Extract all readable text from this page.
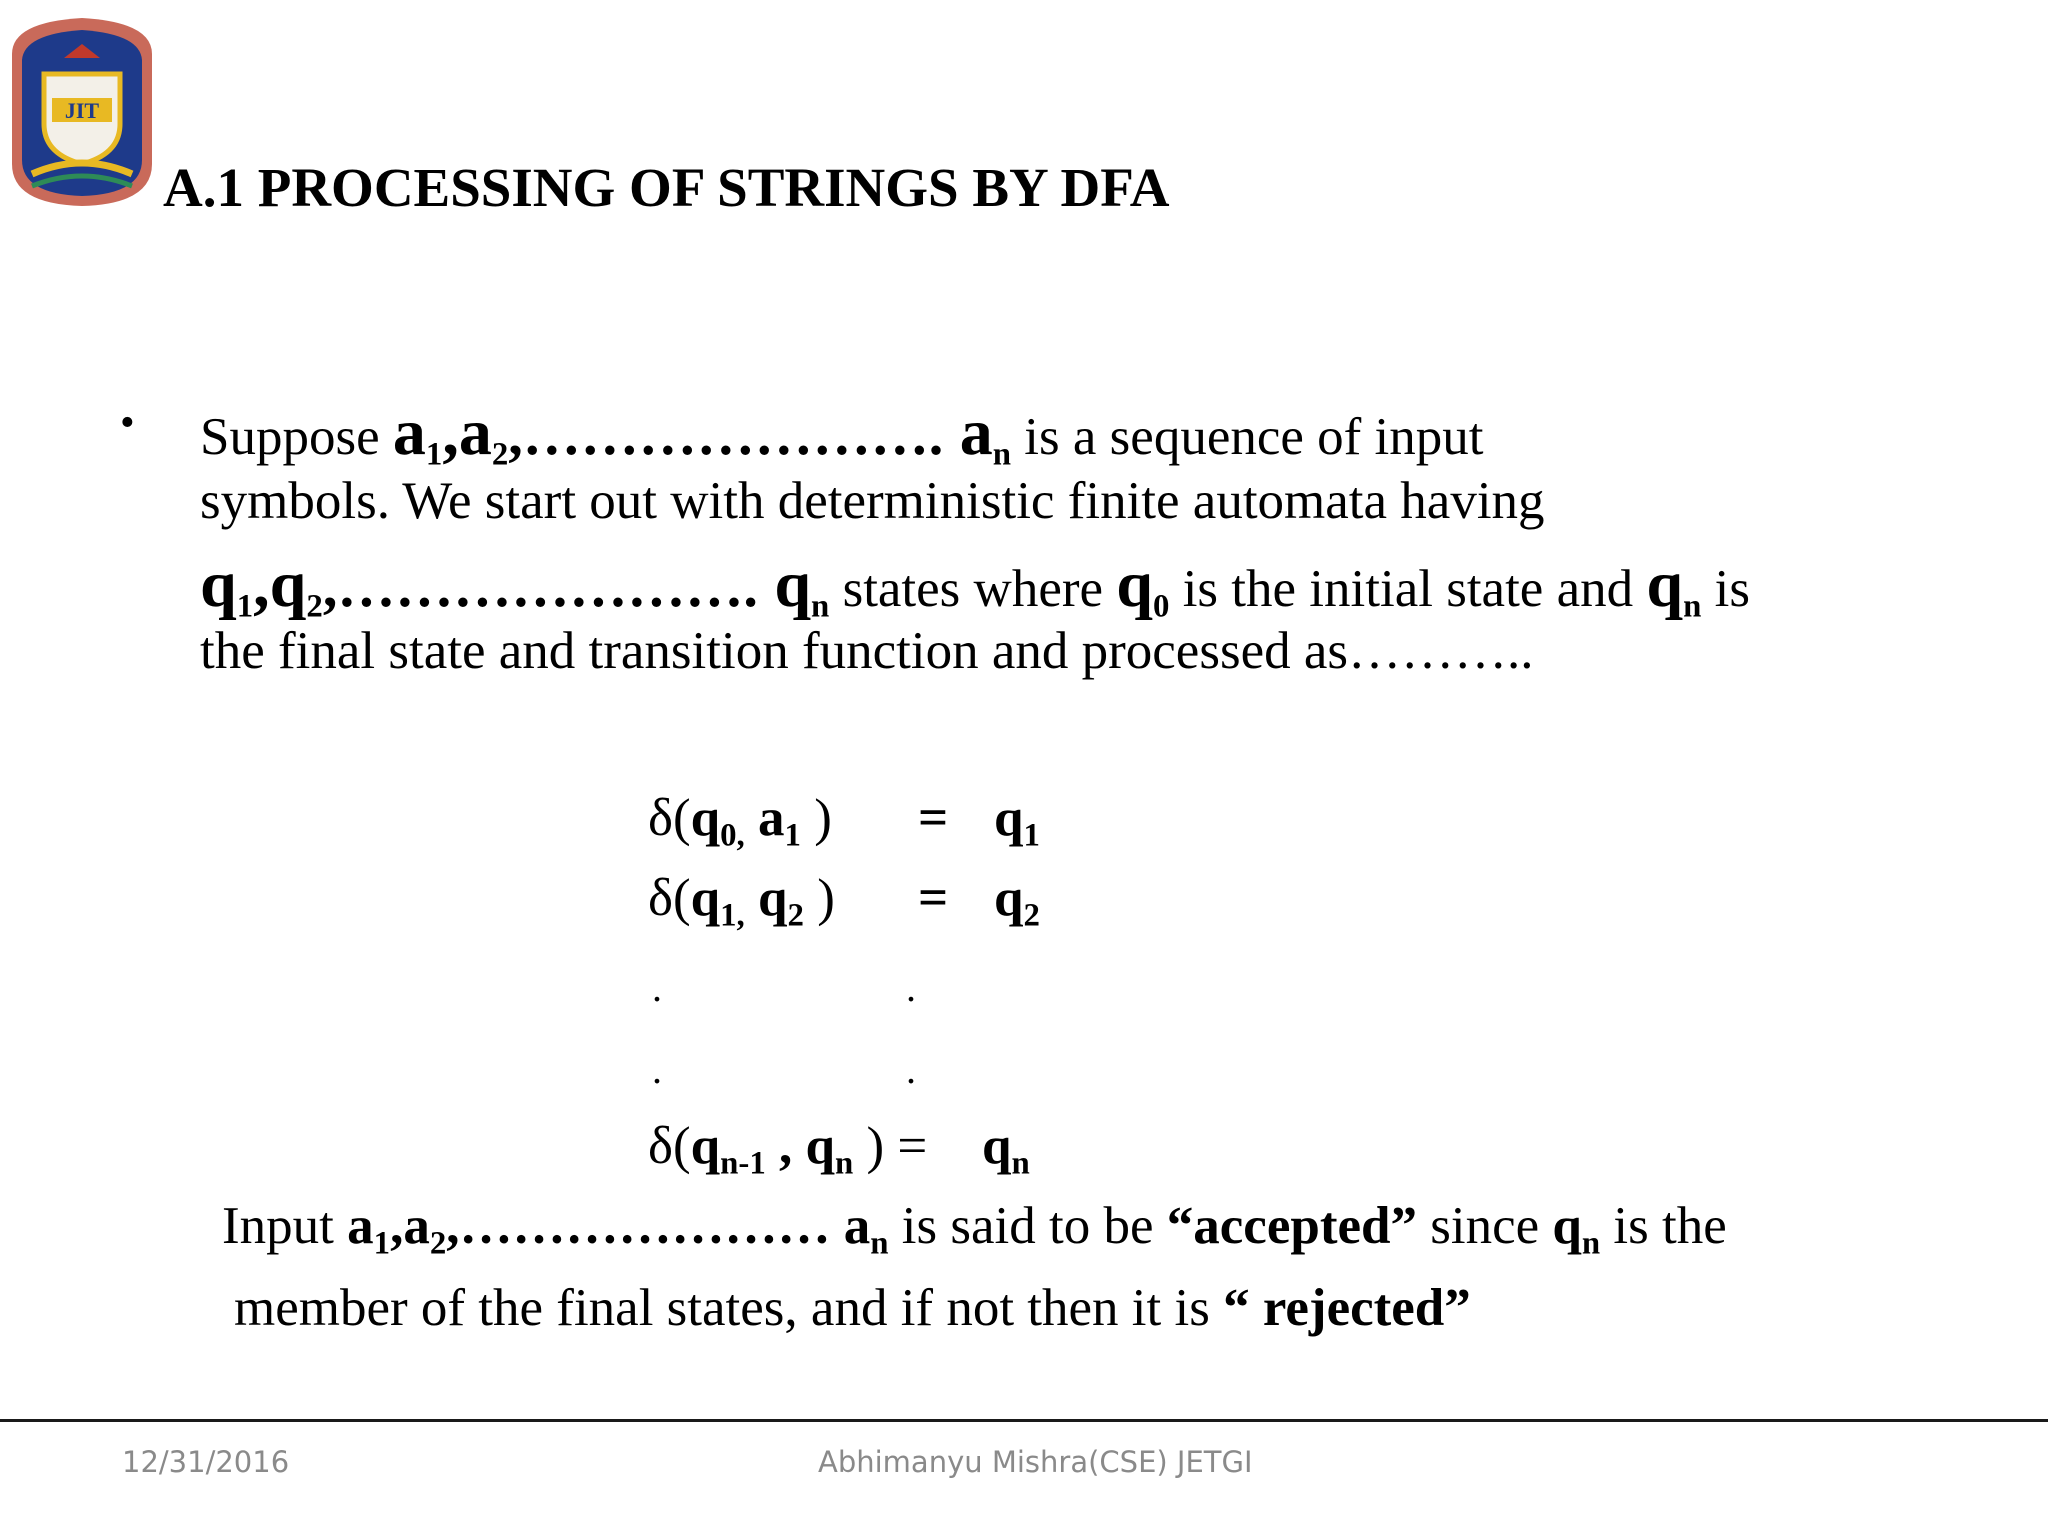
JIT
A.1 PROCESSING OF STRINGS BY DFA
• Suppose $a_1,a_2,\dots\dots\dots\dots\dots\dots\dots$. $a_n$ is a sequence of input
symbols. We start out with deterministic finite automata having
$q_1,q_2,\dots\dots\dots\dots\dots\dots\dots$. $q_n$ states where $q_0$ is the initial state and $q_n$ is
the final state and transition function and processed as………..
$\delta(q_{0,}$ $a_1$ ) = $q_1$
$\delta(q_{1,}$ $q_2$ ) = $q_2$
.	.
.	.
$\delta(q_{n-1}$ , $q_n$ ) = $q_n$
Input $a_1,a_2,\dots\dots\dots\dots\dots\dots\dots$ $a_n$ is said to be “accepted” since $q_n$ is the
member of the final states, and if not then it is “ rejected”
12/31/2016	Abhimanyu Mishra(CSE) JETGI
